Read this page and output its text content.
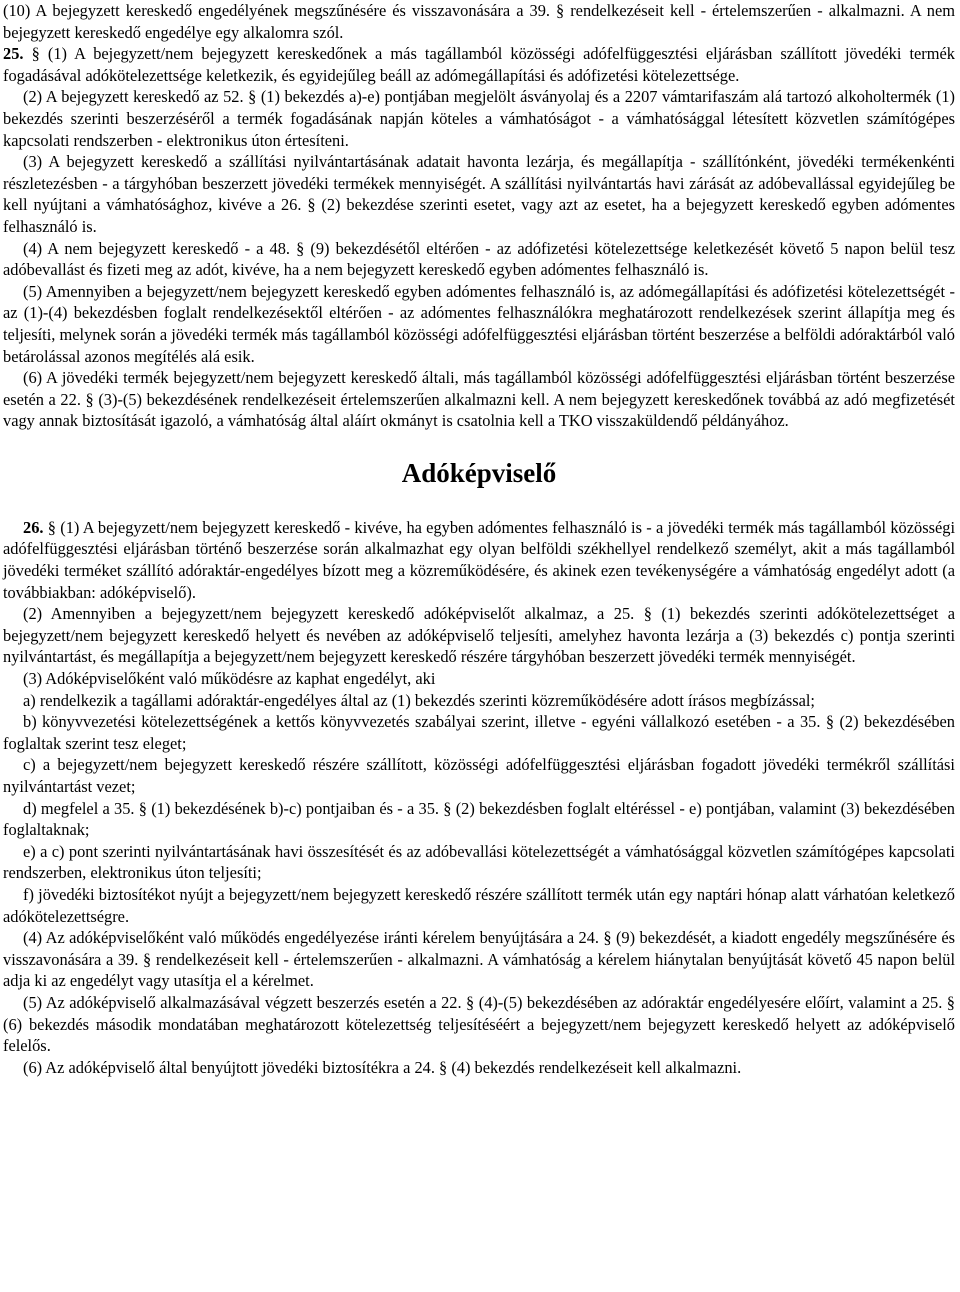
(10) A bejegyzett kereskedő engedélyének megszűnésére és visszavonására a 39. § rendelkezéseit kell - értelemszerűen - alkalmazni. A nem bejegyzett kereskedő engedélye egy alkalomra szól.

25. § (1) A bejegyzett/nem bejegyzett kereskedőnek a más tagállamból közösségi adófelfüggesztési eljárásban szállított jövedéki termék fogadásával adókötelezettsége keletkezik, és egyidejűleg beáll az adómegállapítási és adófizetési kötelezettsége.

(2) A bejegyzett kereskedő az 52. § (1) bekezdés a)-e) pontjában megjelölt ásványolaj és a 2207 vámtarifaszám alá tartozó alkoholtermék (1) bekezdés szerinti beszerzéséről a termék fogadásának napján köteles a vámhatóságot - a vámhatósággal létesített közvetlen számítógépes kapcsolati rendszerben - elektronikus úton értesíteni.

(3) A bejegyzett kereskedő a szállítási nyilvántartásának adatait havonta lezárja, és megállapítja - szállítónként, jövedéki termékenkénti részletezésben - a tárgyhóban beszerzett jövedéki termékek mennyiségét. A szállítási nyilvántartás havi zárását az adóbevallással egyidejűleg be kell nyújtani a vámhatósághoz, kivéve a 26. § (2) bekezdése szerinti esetet, vagy azt az esetet, ha a bejegyzett kereskedő egyben adómentes felhasználó is.

(4) A nem bejegyzett kereskedő - a 48. § (9) bekezdésétől eltérően - az adófizetési kötelezettsége keletkezését követő 5 napon belül tesz adóbevallást és fizeti meg az adót, kivéve, ha a nem bejegyzett kereskedő egyben adómentes felhasználó is.

(5) Amennyiben a bejegyzett/nem bejegyzett kereskedő egyben adómentes felhasználó is, az adómegállapítási és adófizetési kötelezettségét - az (1)-(4) bekezdésben foglalt rendelkezésektől eltérően - az adómentes felhasználókra meghatározott rendelkezések szerint állapítja meg és teljesíti, melynek során a jövedéki termék más tagállamból közösségi adófelfüggesztési eljárásban történt beszerzése a belföldi adóraktárból való betárolással azonos megítélés alá esik.

(6) A jövedéki termék bejegyzett/nem bejegyzett kereskedő általi, más tagállamból közösségi adófelfüggesztési eljárásban történt beszerzése esetén a 22. § (3)-(5) bekezdésének rendelkezéseit értelemszerűen alkalmazni kell. A nem bejegyzett kereskedőnek továbbá az adó megfizetését vagy annak biztosítását igazoló, a vámhatóság által aláírt okmányt is csatolnia kell a TKO visszaküldendő példányához.

Adóképviselő

26. § (1) A bejegyzett/nem bejegyzett kereskedő - kivéve, ha egyben adómentes felhasználó is - a jövedéki termék más tagállamból közösségi adófelfüggesztési eljárásban történő beszerzése során alkalmazhat egy olyan belföldi székhellyel rendelkező személyt, akit a más tagállamból jövedéki terméket szállító adóraktár-engedélyes bízott meg a közreműködésére, és akinek ezen tevékenységére a vámhatóság engedélyt adott (a továbbiakban: adóképviselő).

(2) Amennyiben a bejegyzett/nem bejegyzett kereskedő adóképviselőt alkalmaz, a 25. § (1) bekezdés szerinti adókötelezettséget a bejegyzett/nem bejegyzett kereskedő helyett és nevében az adóképviselő teljesíti, amelyhez havonta lezárja a (3) bekezdés c) pontja szerinti nyilvántartást, és megállapítja a bejegyzett/nem bejegyzett kereskedő részére tárgyhóban beszerzett jövedéki termék mennyiségét.

(3) Adóképviselőként való működésre az kaphat engedélyt, aki

a) rendelkezik a tagállami adóraktár-engedélyes által az (1) bekezdés szerinti közreműködésére adott írásos megbízással;

b) könyvvezetési kötelezettségének a kettős könyvvezetés szabályai szerint, illetve - egyéni vállalkozó esetében - a 35. § (2) bekezdésében foglaltak szerint tesz eleget;

c) a bejegyzett/nem bejegyzett kereskedő részére szállított, közösségi adófelfüggesztési eljárásban fogadott jövedéki termékről szállítási nyilvántartást vezet;

d) megfelel a 35. § (1) bekezdésének b)-c) pontjaiban és - a 35. § (2) bekezdésben foglalt eltéréssel - e) pontjában, valamint (3) bekezdésében foglaltaknak;

e) a c) pont szerinti nyilvántartásának havi összesítését és az adóbevallási kötelezettségét a vámhatósággal közvetlen számítógépes kapcsolati rendszerben, elektronikus úton teljesíti;

f) jövedéki biztosítékot nyújt a bejegyzett/nem bejegyzett kereskedő részére szállított termék után egy naptári hónap alatt várhatóan keletkező adókötelezettségre.

(4) Az adóképviselőként való működés engedélyezése iránti kérelem benyújtására a 24. § (9) bekezdését, a kiadott engedély megszűnésére és visszavonására a 39. § rendelkezéseit kell - értelemszerűen - alkalmazni. A vámhatóság a kérelem hiánytalan benyújtását követő 45 napon belül adja ki az engedélyt vagy utasítja el a kérelmet.

(5) Az adóképviselő alkalmazásával végzett beszerzés esetén a 22. § (4)-(5) bekezdésében az adóraktár engedélyesére előírt, valamint a 25. § (6) bekezdés második mondatában meghatározott kötelezettség teljesítéséért a bejegyzett/nem bejegyzett kereskedő helyett az adóképviselő felelős.

(6) Az adóképviselő által benyújtott jövedéki biztosítékra a 24. § (4) bekezdés rendelkezéseit kell alkalmazni.
